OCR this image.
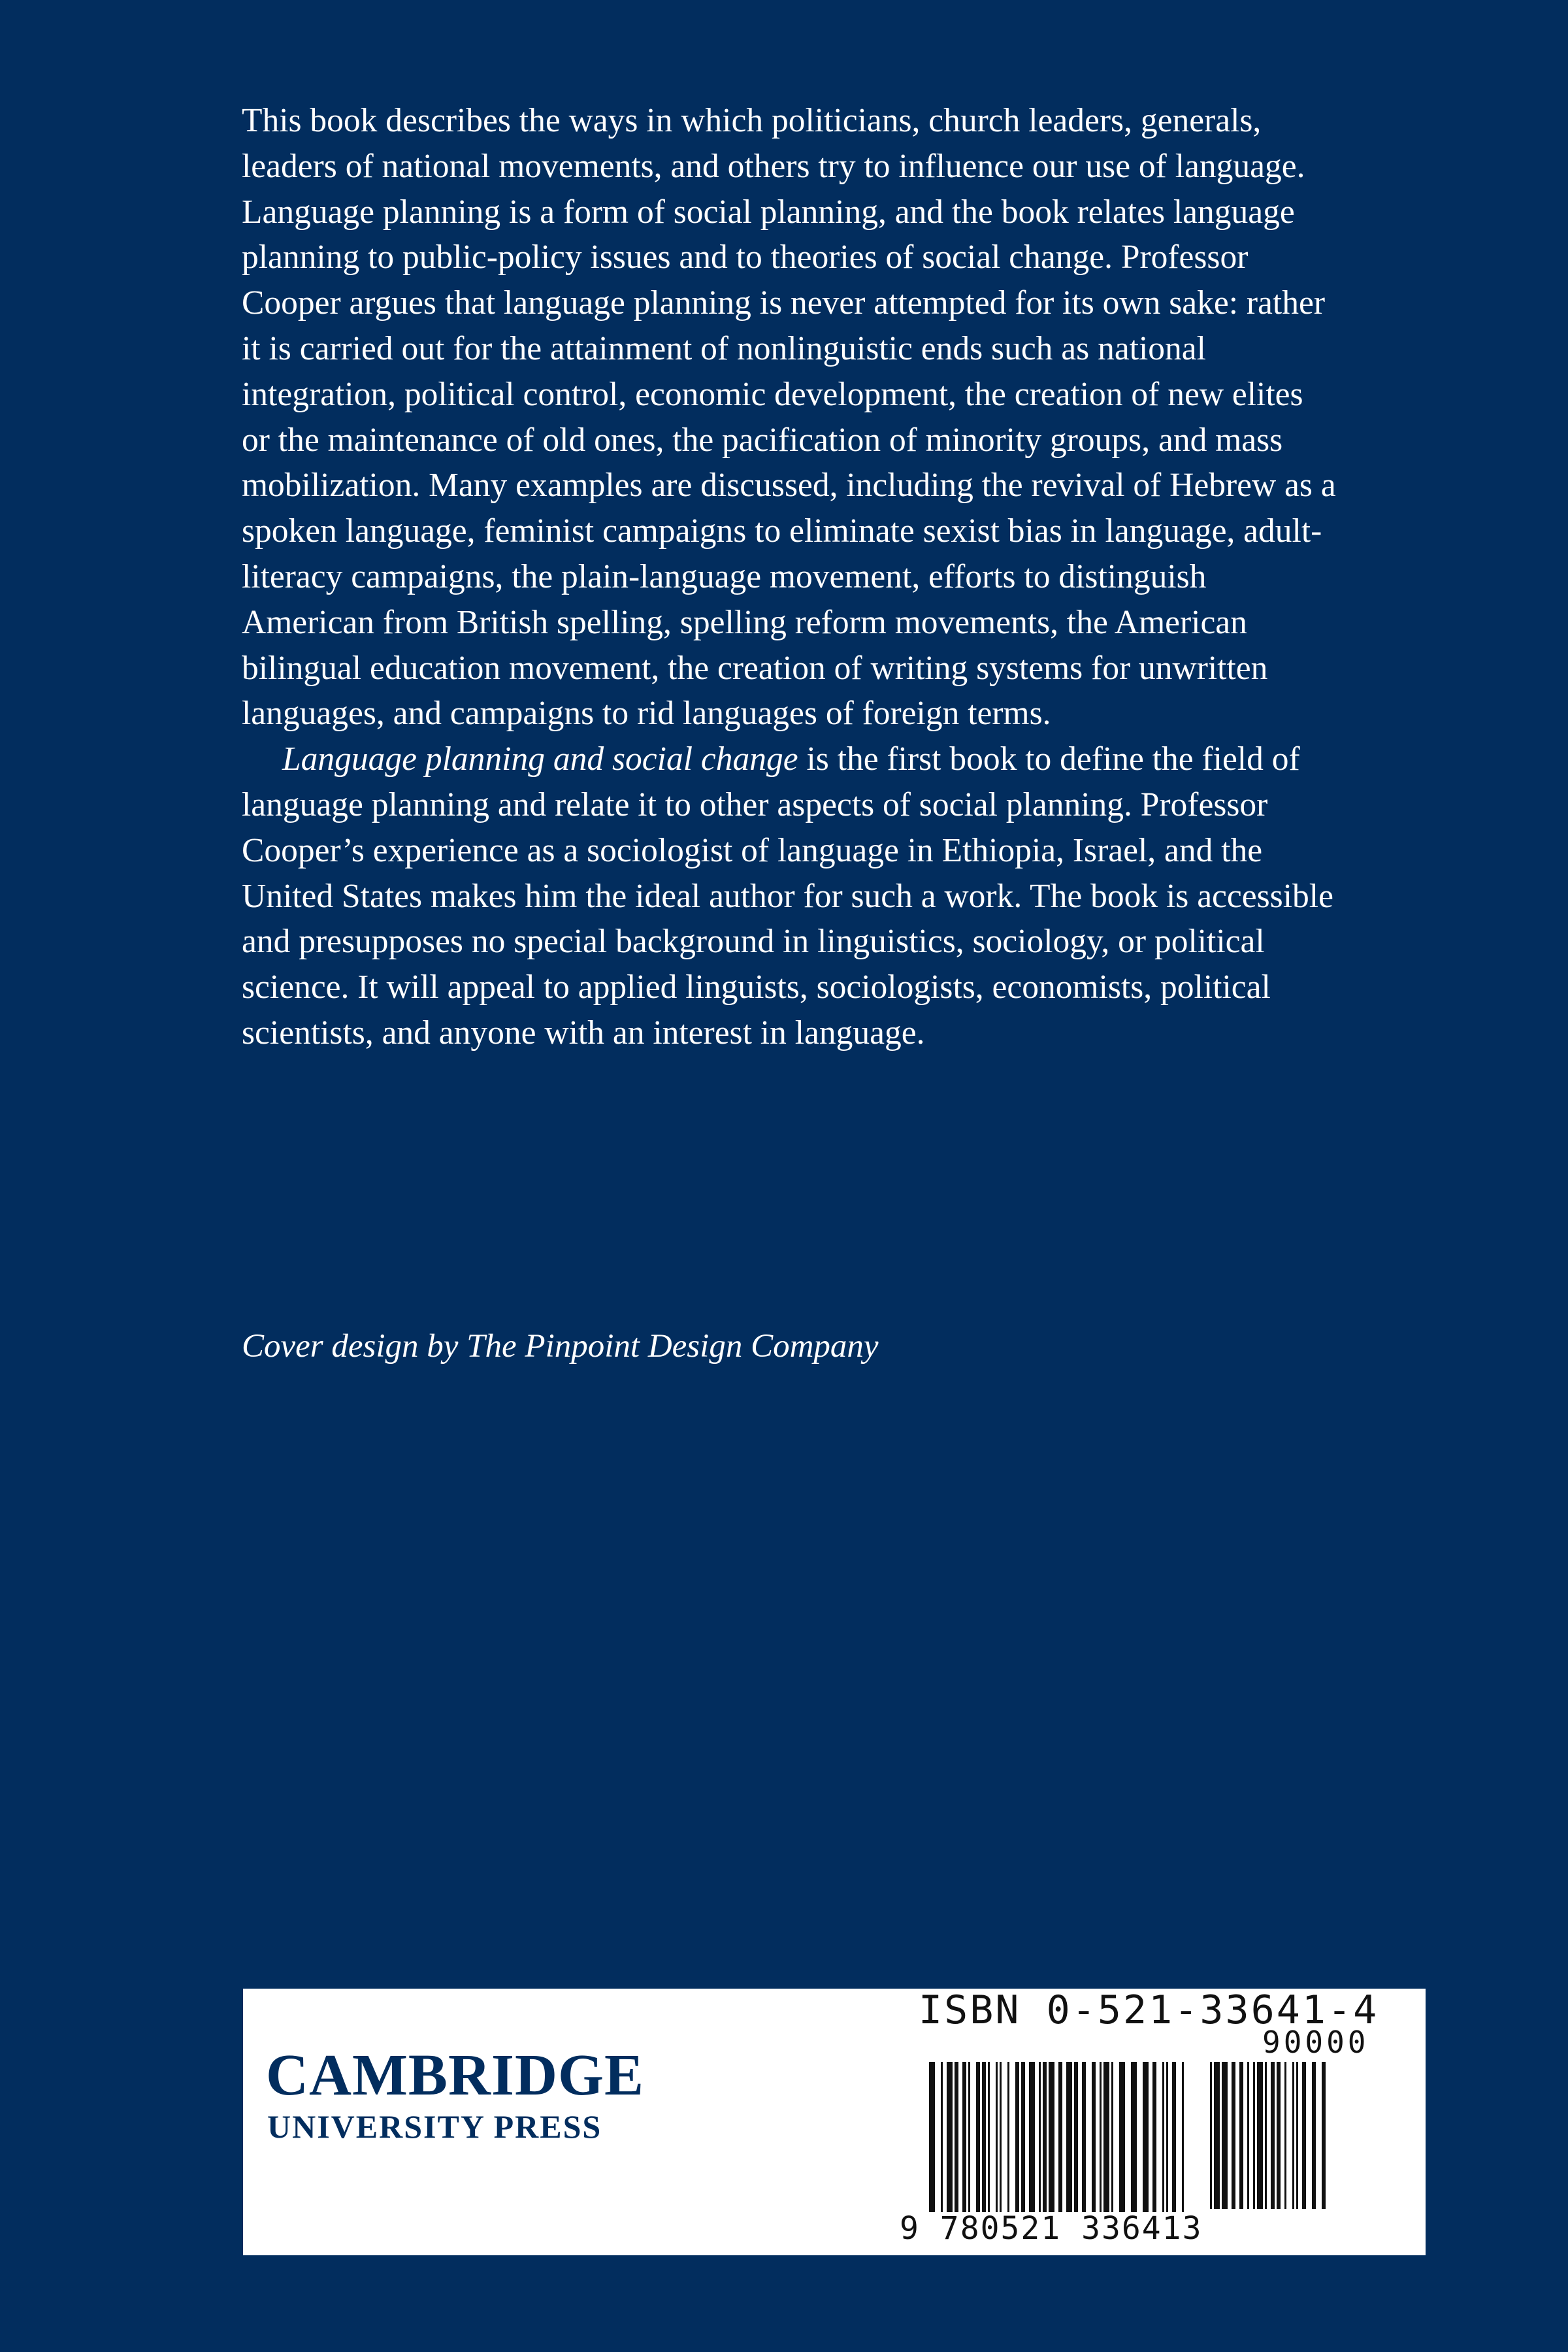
This book describes the ways in which politicians, church leaders, generals, leaders of national movements, and others try to influence our use of language. Language planning is a form of social planning, and the book relates language planning to public-policy issues and to theories of social change. Professor Cooper argues that language planning is never attempted for its own sake: rather it is carried out for the attainment of nonlinguistic ends such as national integration, political control, economic development, the creation of new elites or the maintenance of old ones, the pacification of minority groups, and mass mobilization. Many examples are discussed, including the revival of Hebrew as a spoken language, feminist campaigns to eliminate sexist bias in language, adult-literacy campaigns, the plain-language movement, efforts to distinguish American from British spelling, spelling reform movements, the American bilingual education movement, the creation of writing systems for unwritten languages, and campaigns to rid languages of foreign terms.

Language planning and social change is the first book to define the field of language planning and relate it to other aspects of social planning. Professor Cooper’s experience as a sociologist of language in Ethiopia, Israel, and the United States makes him the ideal author for such a work. The book is accessible and presupposes no special background in linguistics, sociology, or political science. It will appeal to applied linguists, sociologists, economists, political scientists, and anyone with an interest in language.

Cover design by The Pinpoint Design Company
CAMBRIDGE
UNIVERSITY PRESS
ISBN 0-521-33641-4
90000
9 780521 336413
